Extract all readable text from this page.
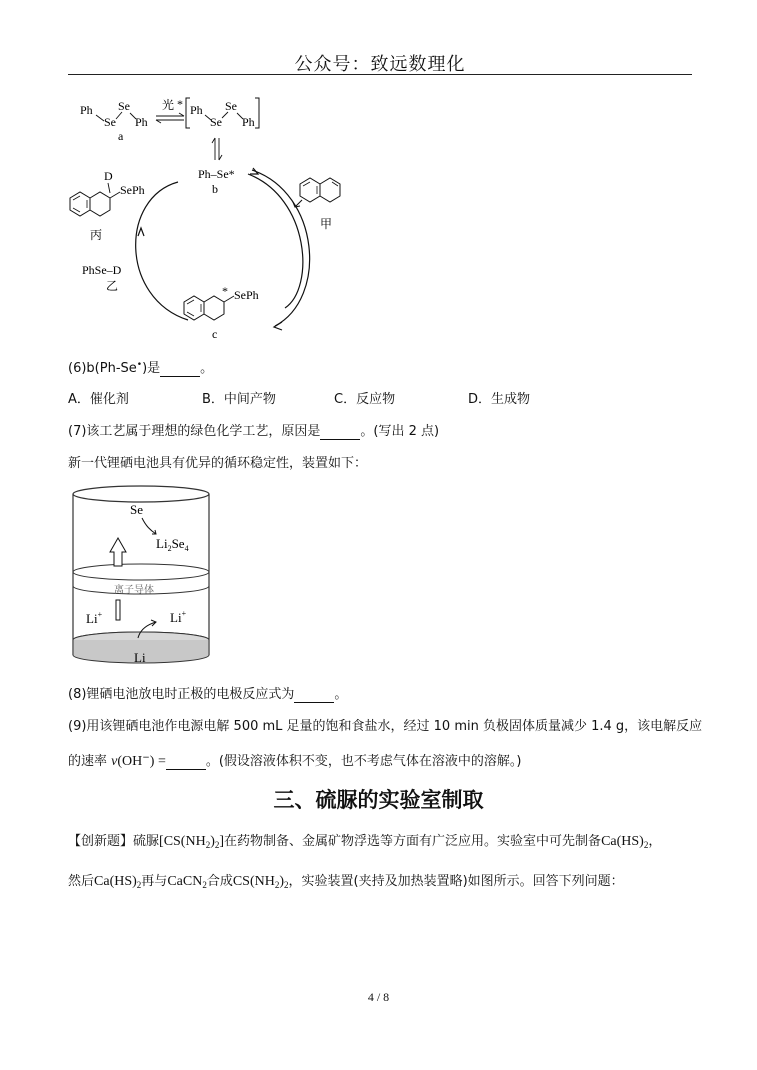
公众号：致远数理化
Ph
Se
Se
Ph
a
光 * Ph
Se
Se
Ph
Ph–Se*
b
甲
D
SePh
丙
PhSe–D
乙	* SePh
c
(6)b(Ph-Se•)是	。
A．催化剂	B．中间产物	C．反应物	D．生成物
(7)该工艺属于理想的绿色化学工艺，原因是	。(写出 2 点)
新一代锂硒电池具有优异的循环稳定性，装置如下：
Se
$Li_2Se_4$
离子导体
Li+	Li+
Li
(8)锂硒电池放电时正极的电极反应式为	。
(9)用该锂硒电池作电源电解 500 mL 足量的饱和食盐水，经过 10 min 负极固体质量减少 1.4 g，该电解反应
的速率 v(OH−) =	。(假设溶液体积不变，也不考虑气体在溶液中的溶解。)
三、硫脲的实验室制取
【创新题】硫脲$[CS(NH_2)_2]$在药物制备、金属矿物浮选等方面有广泛应用。实验室中可先制备$Ca(HS)_2$，
然后$Ca(HS)_2$再与CaCN$_2$合成$CS(NH_2)_2$，实验装置(夹持及加热装置略)如图所示。回答下列问题：
4 / 8
